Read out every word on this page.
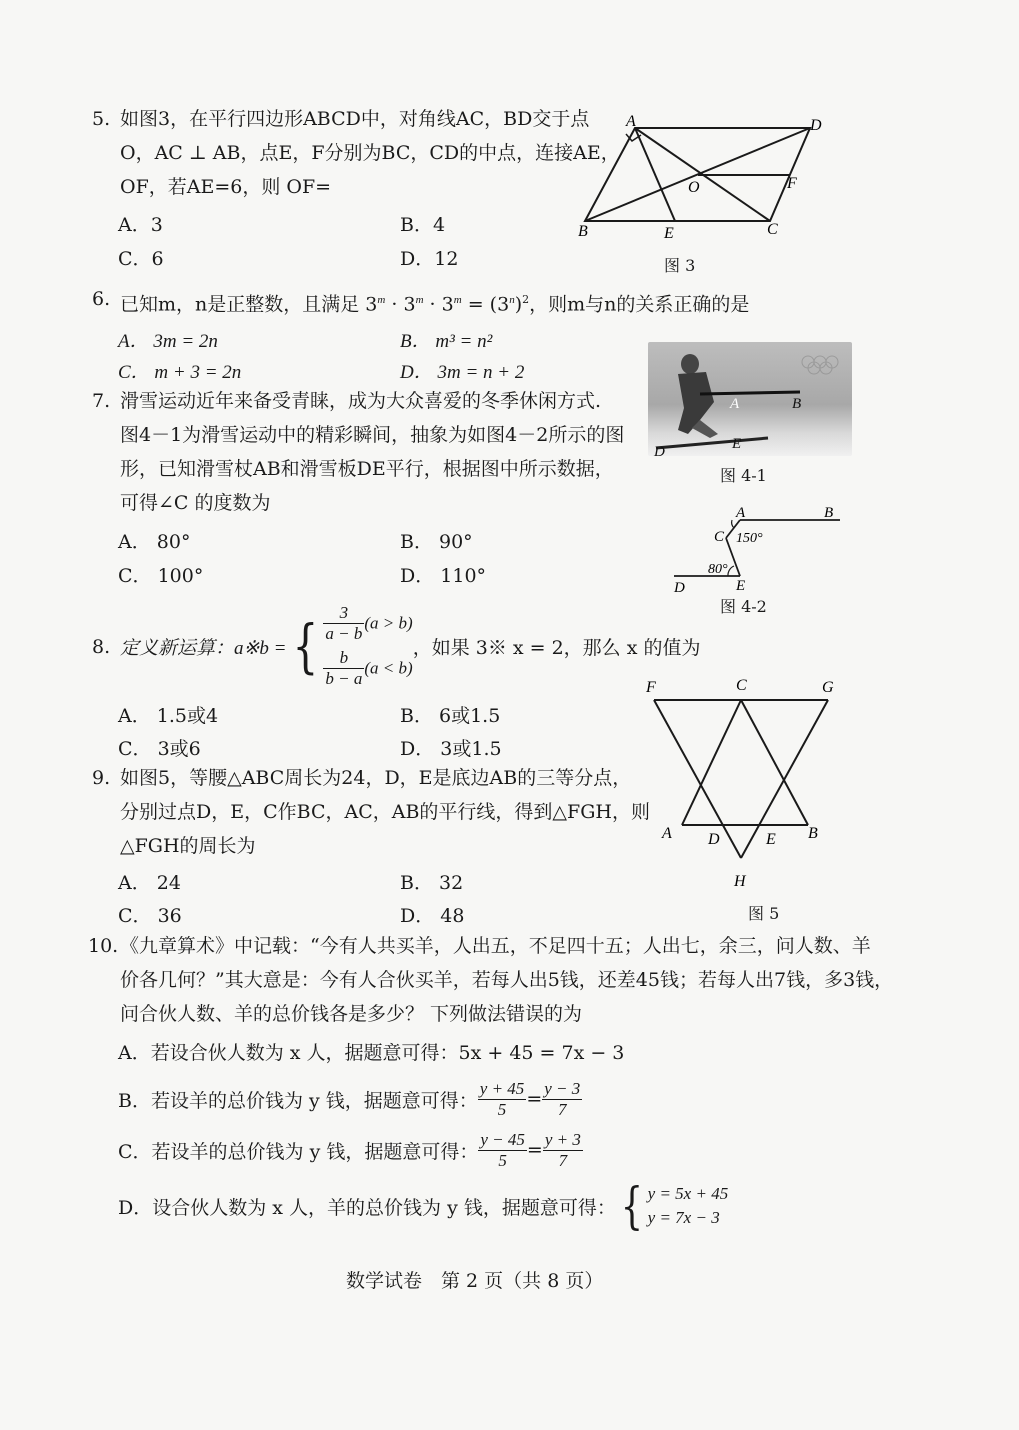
5. 如图3，在平行四边形ABCD中，对角线AC，BD交于点
O，AC ⊥ AB，点E，F分别为BC，CD的中点，连接AE，
OF，若AE=6，则 OF=
A．3	B．4
C．6	D．12
A	D
O	F
B	E	C
图 3
6. 已知m，n是正整数，且满足 $3^m \cdot 3^m \cdot 3^m = (3^n)^2$，则m与n的关系正确的是
A． 3m = 2n	B． m³ = n²
C． m + 3 = 2n	D． 3m = n + 2
7. 滑雪运动近年来备受青睐，成为大众喜爱的冬季休闲方式.
图4－1为滑雪运动中的精彩瞬间，抽象为如图4－2所示的图
形，已知滑雪杖AB和滑雪板DE平行，根据图中所示数据，
可得∠C 的度数为
A． 80°	B． 90°
C． 100°	D． 110°
A	B
E
D
图 4-1
A	B
C 150°
80°
D	E
图 4-2
8. 定义新运算：a※b = { $\frac{3}{a - b} (a > b)$
$\frac{b}{b - a} (a < b)$
，如果 3※ x = 2，那么 x 的值为
A． 1.5或4	B． 6或1.5
C． 3或6	D． 3或1.5
9. 如图5，等腰△ABC周长为24，D，E是底边AB的三等分点，
分别过点D，E，C作BC，AC，AB的平行线，得到△FGH，则
△FGH的周长为
A． 24	B． 32
C． 36	D． 48
F	C	G
A D	E B
H
图 5
10. 《九章算术》中记载：“今有人共买羊，人出五，不足四十五；人出七，余三，问人数、羊
价各几何？”其大意是：今有人合伙买羊，若每人出5钱，还差45钱；若每人出7钱，多3钱，
问合伙人数、羊的总价钱各是多少？ 下列做法错误的为
A．若设合伙人数为 x 人，据题意可得：5x + 45 = 7x − 3
B．若设羊的总价钱为 y 钱，据题意可得： $\frac{y + 45}{5} = \frac{y - 3}{7}$
C．若设羊的总价钱为 y 钱，据题意可得： $\frac{y - 45}{5} = \frac{y + 3}{7}$
D．设合伙人数为 x 人，羊的总价钱为 y 钱，据题意可得： { y = 5x + 45
y = 7x − 3
数学试卷　第 2 页（共 8 页）
